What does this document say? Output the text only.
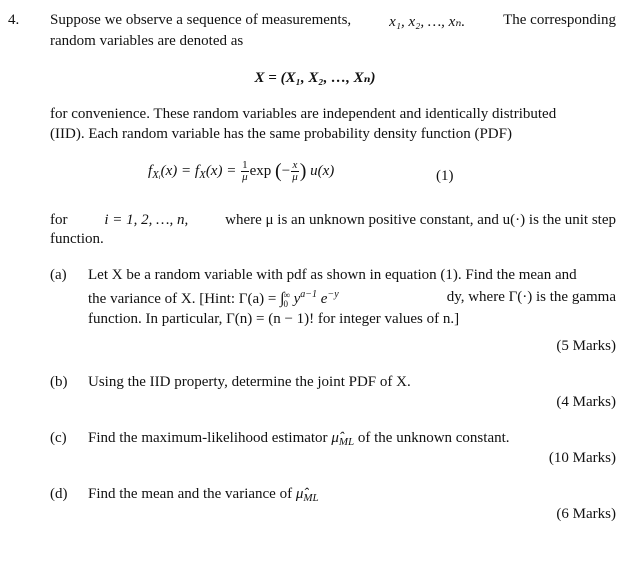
4. Suppose we observe a sequence of measurements,	x₁, x₂, …, xₙ.	The corresponding
random variables are denoted as
X = (X₁, X₂, …, Xₙ)
for convenience. These random variables are independent and identically distributed
(IID). Each random variable has the same probability density function (PDF)
$f_{Xᵢ}(x) = f_X(x) = \frac{1}{\mu}$ exp (− $\frac{x}{\mu}$ ) u(x)	(1)
for i = 1, 2, …, n, where μ is an unknown positive constant, and u(·) is the unit step
function.
(a) Let X be a random variable with pdf as shown in equation (1). Find the mean and
the variance of X. [Hint: Γ(a) = ∫ ∞
0 $y^{a-1}$ $e^{-y}$	dy, where Γ(·) is the gamma
function. In particular, Γ(n) = (n − 1)! for integer values of n.]
(5 Marks)
(b) Using the IID property, determine the joint PDF of X.
(4 Marks)
(c) Find the maximum-likelihood estimator $\mû_{ML}$ of the unknown constant.
(10 Marks)
(d) Find the mean and the variance of $\mû_{ML}$
(6 Marks)
